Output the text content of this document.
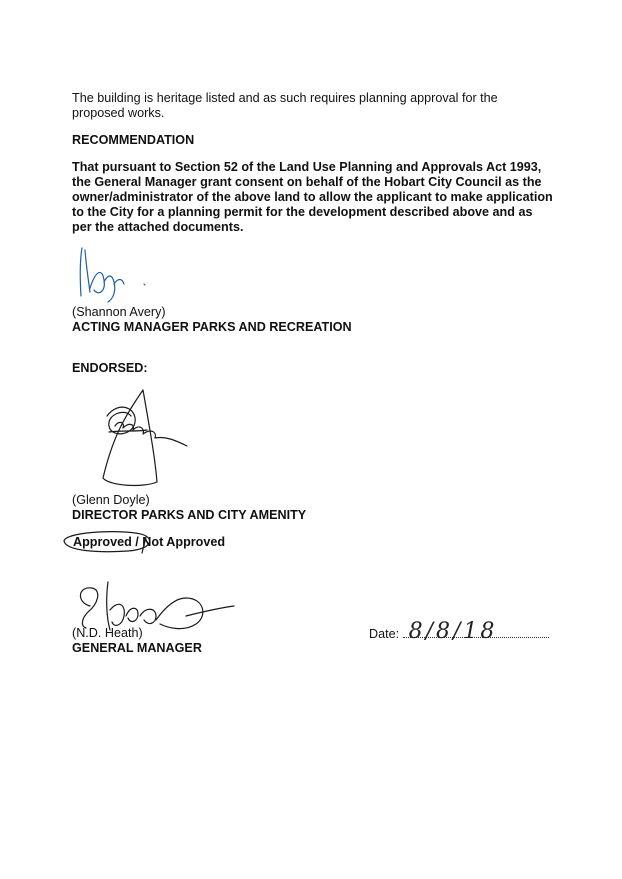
The building is heritage listed and as such requires planning approval for the proposed works.

RECOMMENDATION

That pursuant to Section 52 of the Land Use Planning and Approvals Act 1993, the General Manager grant consent on behalf of the Hobart City Council as the owner/administrator of the above land to allow the applicant to make application to the City for a planning permit for the development described above and as per the attached documents.

(Shannon Avery)

ACTING MANAGER PARKS AND RECREATION

ENDORSED:

(Glenn Doyle)

DIRECTOR PARKS AND CITY AMENITY

Approved / Not Approved

(N.D. Heath)

GENERAL MANAGER

Date: 8/8/18
